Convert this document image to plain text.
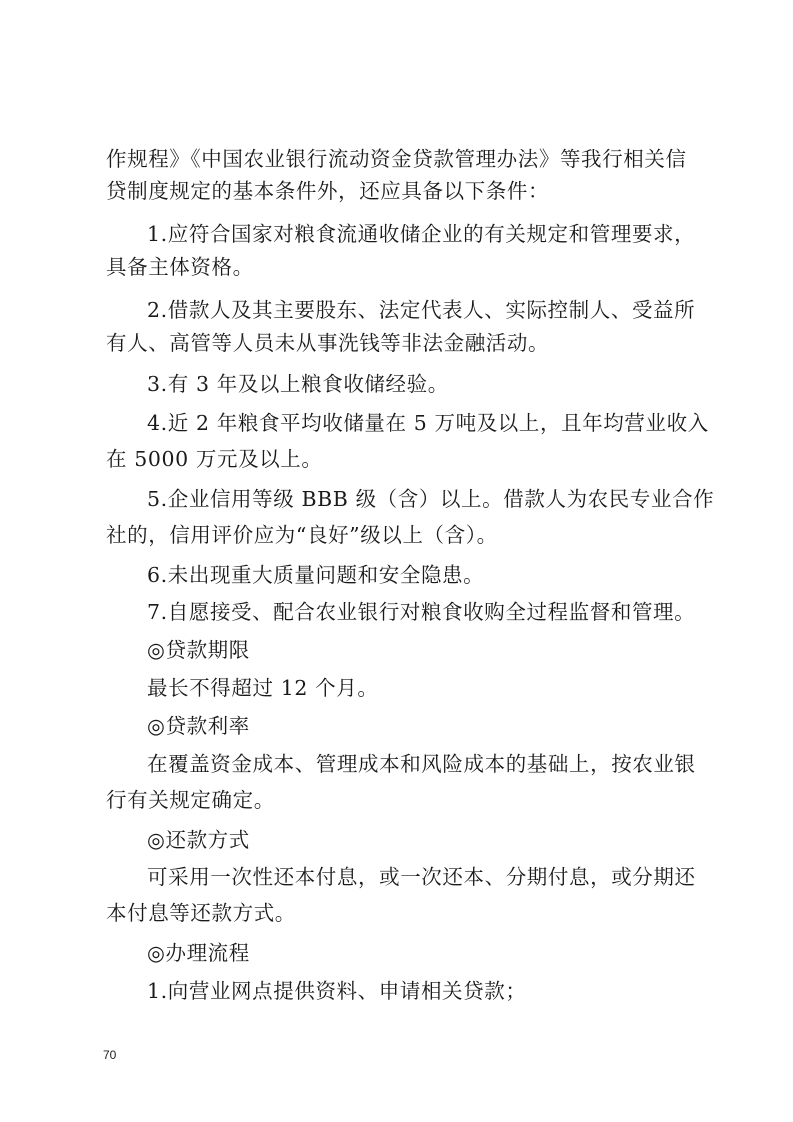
作规程》《中国农业银行流动资金贷款管理办法》等我行相关信
贷制度规定的基本条件外，还应具备以下条件：
1.应符合国家对粮食流通收储企业的有关规定和管理要求，
具备主体资格。
2.借款人及其主要股东、法定代表人、实际控制人、受益所
有人、高管等人员未从事洗钱等非法金融活动。
3.有 3 年及以上粮食收储经验。
4.近 2 年粮食平均收储量在 5 万吨及以上，且年均营业收入
在 5000 万元及以上。
5.企业信用等级 BBB 级（含）以上。借款人为农民专业合作
社的，信用评价应为“良好”级以上（含）。
6.未出现重大质量问题和安全隐患。
7.自愿接受、配合农业银行对粮食收购全过程监督和管理。
◎贷款期限
最长不得超过 12 个月。
◎贷款利率
在覆盖资金成本、管理成本和风险成本的基础上，按农业银
行有关规定确定。
◎还款方式
可采用一次性还本付息，或一次还本、分期付息，或分期还
本付息等还款方式。
◎办理流程
1.向营业网点提供资料、申请相关贷款；
70
